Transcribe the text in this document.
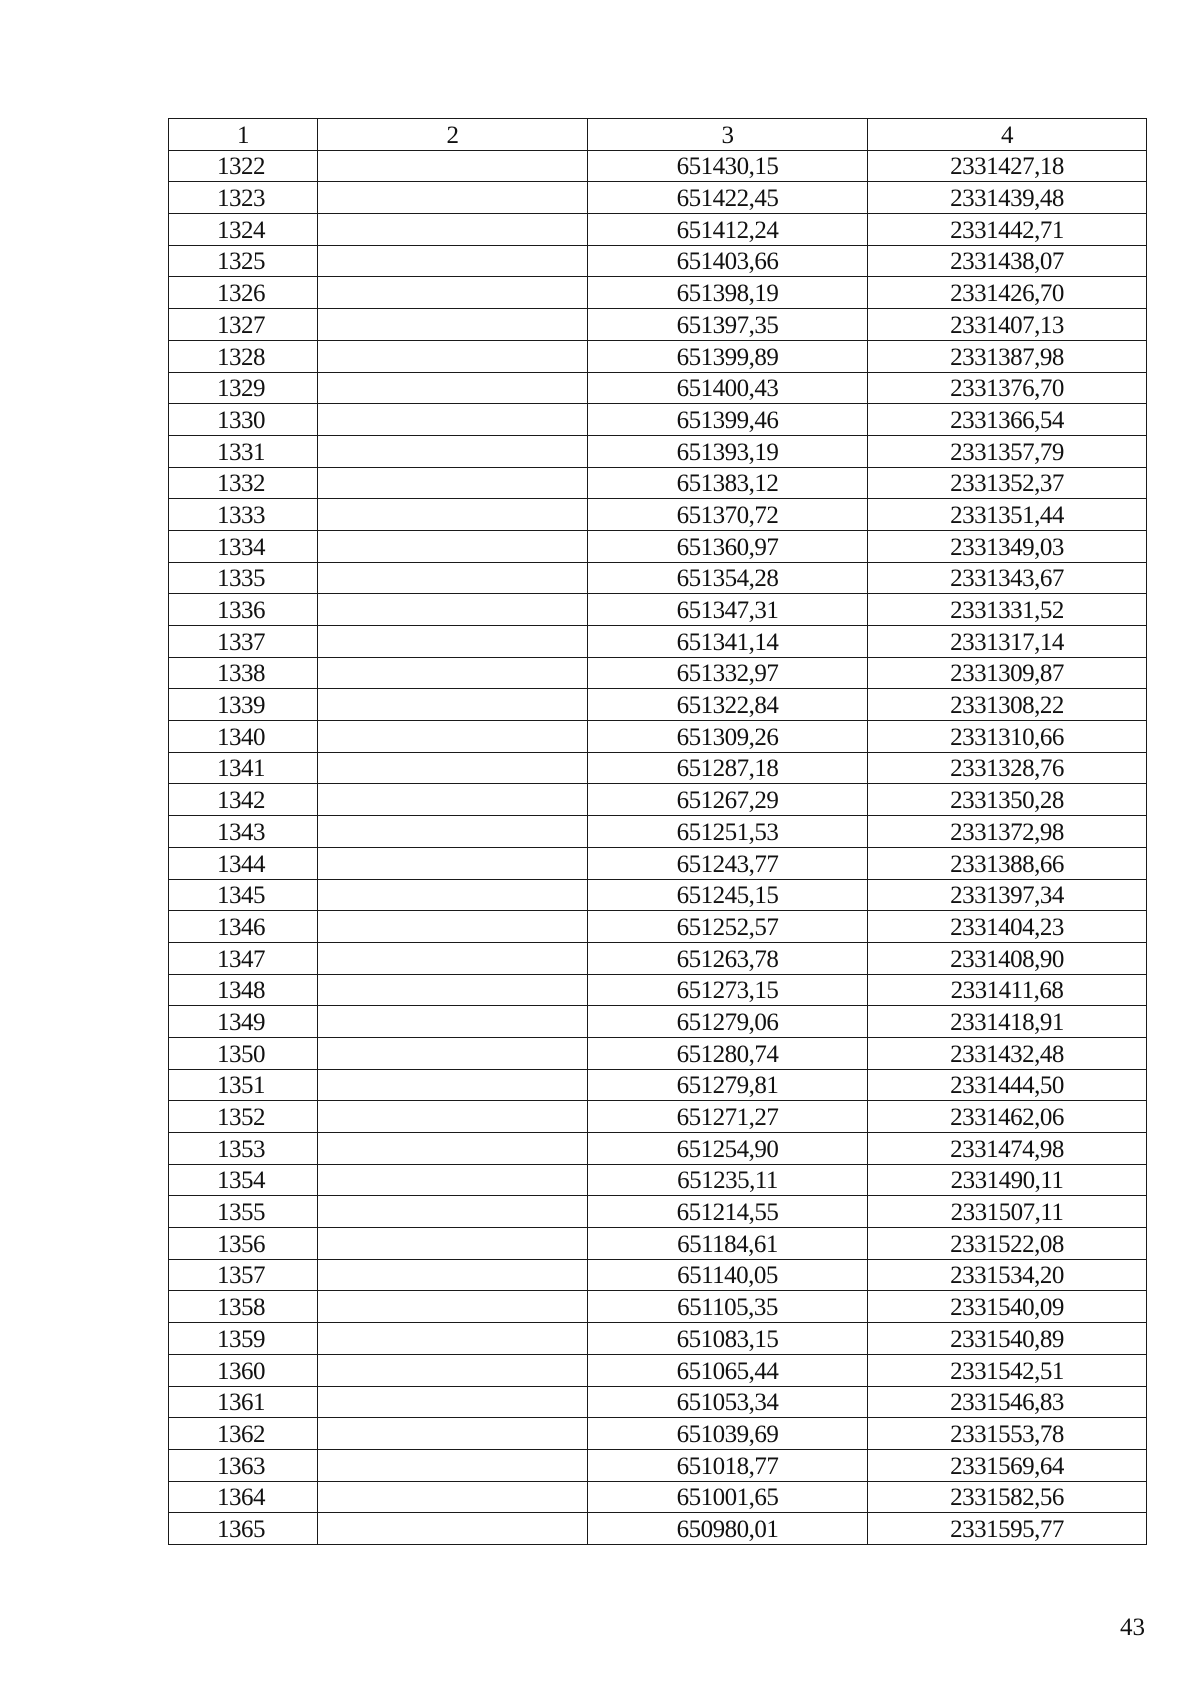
1	2	3	4
1322		651430,15	2331427,18
1323		651422,45	2331439,48
1324		651412,24	2331442,71
1325		651403,66	2331438,07
1326		651398,19	2331426,70
1327		651397,35	2331407,13
1328		651399,89	2331387,98
1329		651400,43	2331376,70
1330		651399,46	2331366,54
1331		651393,19	2331357,79
1332		651383,12	2331352,37
1333		651370,72	2331351,44
1334		651360,97	2331349,03
1335		651354,28	2331343,67
1336		651347,31	2331331,52
1337		651341,14	2331317,14
1338		651332,97	2331309,87
1339		651322,84	2331308,22
1340		651309,26	2331310,66
1341		651287,18	2331328,76
1342		651267,29	2331350,28
1343		651251,53	2331372,98
1344		651243,77	2331388,66
1345		651245,15	2331397,34
1346		651252,57	2331404,23
1347		651263,78	2331408,90
1348		651273,15	2331411,68
1349		651279,06	2331418,91
1350		651280,74	2331432,48
1351		651279,81	2331444,50
1352		651271,27	2331462,06
1353		651254,90	2331474,98
1354		651235,11	2331490,11
1355		651214,55	2331507,11
1356		651184,61	2331522,08
1357		651140,05	2331534,20
1358		651105,35	2331540,09
1359		651083,15	2331540,89
1360		651065,44	2331542,51
1361		651053,34	2331546,83
1362		651039,69	2331553,78
1363		651018,77	2331569,64
1364		651001,65	2331582,56
1365		650980,01	2331595,77
43
